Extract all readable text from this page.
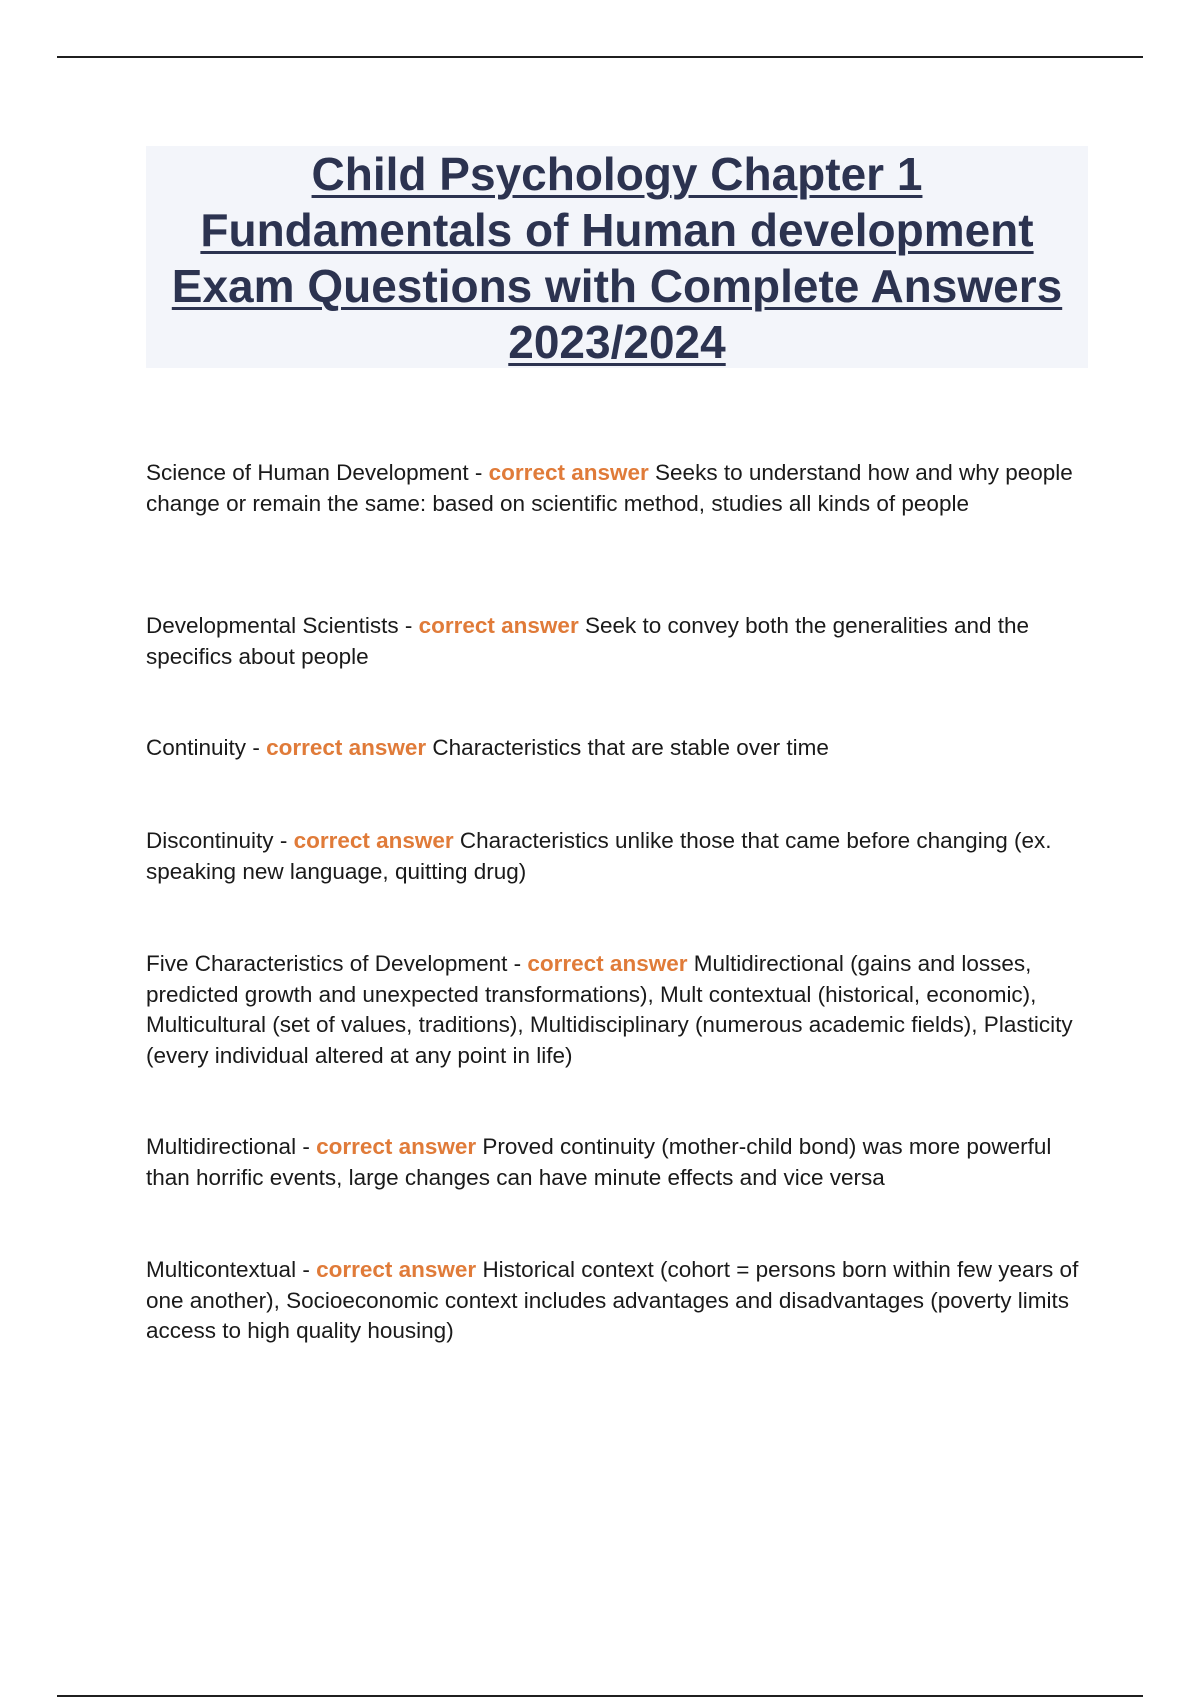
Child Psychology Chapter 1
Fundamentals of Human development
Exam Questions with Complete Answers
2023/2024

Science of Human Development - correct answer Seeks to understand how and why people change or remain the same: based on scientific method, studies all kinds of people

Developmental Scientists - correct answer Seek to convey both the generalities and the specifics about people

Continuity - correct answer Characteristics that are stable over time

Discontinuity - correct answer Characteristics unlike those that came before changing (ex. speaking new language, quitting drug)

Five Characteristics of Development - correct answer Multidirectional (gains and losses, predicted growth and unexpected transformations), Mult contextual (historical, economic), Multicultural (set of values, traditions), Multidisciplinary (numerous academic fields), Plasticity (every individual altered at any point in life)

Multidirectional - correct answer Proved continuity (mother-child bond) was more powerful than horrific events, large changes can have minute effects and vice versa

Multicontextual - correct answer Historical context (cohort = persons born within few years of one another), Socioeconomic context includes advantages and disadvantages (poverty limits access to high quality housing)
